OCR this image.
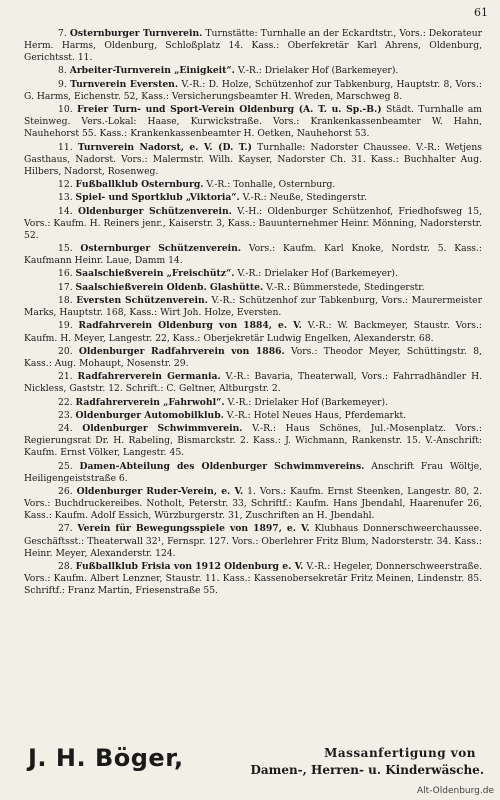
61

7. Osternburger Turnverein. Turnstätte: Turnhalle an der Eckardtstr., Vors.: Dekorateur Herm. Harms, Oldenburg, Schloßplatz 14. Kass.: Oberfekretär Karl Ahrens, Oldenburg, Gerichtsst. 11.

8. Arbeiter-Turnverein „Einigkeit“. V.-R.: Drielaker Hof (Barkemeyer).

9. Turnverein Eversten. V.-R.: D. Holze, Schützenhof zur Tabkenburg, Hauptstr. 8, Vors.: G. Harms, Eichenstr. 52, Kass.: Versicherungsbeamter H. Wreden, Marschweg 8.

10. Freier Turn- und Sport-Verein Oldenburg (A. T. u. Sp.-B.) Städt. Turnhalle am Steinweg. Vers.-Lokal: Haase, Kurwickstraße. Vors.: Krankenkassenbeamter W. Hahn, Nauhehorst 55. Kass.: Krankenkassenbeamter H. Oetken, Nauhehorst 53.

11. Turnverein Nadorst, e. V. (D. T.) Turnhalle: Nadorster Chaussee. V.-R.: Wetjens Gasthaus, Nadorst. Vors.: Malermstr. Wilh. Kayser, Nadorster Ch. 31. Kass.: Buchhalter Aug. Hilbers, Nadorst, Rosenweg.

12. Fußballklub Osternburg. V.-R.: Tonhalle, Osternburg.

13. Spiel- und Sportklub „Viktoria“. V.-R.: Neuße, Stedingerstr.

14. Oldenburger Schützenverein. V.-H.: Oldenburger Schützenhof, Friedhofsweg 15, Vors.: Kaufm. H. Reiners jenr., Kaiserstr. 3, Kass.: Bauunternehmer Heinr. Mönning, Nadorsterstr. 52.

15. Osternburger Schützenverein. Vors.: Kaufm. Karl Knoke, Nordstr. 5. Kass.: Kaufmann Heinr. Laue, Damm 14.

16. Saalschießverein „Freischütz“. V.-R.: Drielaker Hof (Barkemeyer).

17. Saalschießverein Oldenb. Glashütte. V.-R.: Bümmerstede, Stedingerstr.

18. Eversten Schützenverein. V.-R.: Schützenhof zur Tabkenburg, Vors.: Maurermeister Marks, Hauptstr. 168, Kass.: Wirt Joh. Holze, Eversten.

19. Radfahrverein Oldenburg von 1884, e. V. V.-R.: W. Backmeyer, Staustr. Vors.: Kaufm. H. Meyer, Langestr. 22, Kass.: Oberjekretär Ludwig Engelken, Alexanderstr. 68.

20. Oldenburger Radfahrverein von 1886. Vors.: Theodor Meyer, Schüttingstr. 8, Kass.: Aug. Mohaupt, Nosenstr. 29.

21. Radfahrerverein Germania. V.-R.: Bavaria, Theaterwall, Vors.: Fahrradhändler H. Nickless, Gaststr. 12. Schrift.: C. Geltner, Altburgstr. 2.

22. Radfahrerverein „Fahrwohl“. V.-R.: Drielaker Hof (Barkemeyer).

23. Oldenburger Automobilklub. V.-R.: Hotel Neues Haus, Pferdemarkt.

24. Oldenburger Schwimmverein. V.-R.: Haus Schönes, Jul.-Mosenplatz. Vors.: Regierungsrat Dr. H. Rabeling, Bismarckstr. 2. Kass.: J. Wichmann, Rankenstr. 15. V.-Anschrift: Kaufm. Ernst Völker, Langestr. 45.

25. Damen-Abteilung des Oldenburger Schwimmvereins. Anschrift Frau Wöltje, Heiligengeiststraße 6.

26. Oldenburger Ruder-Verein, e. V. 1. Vors.: Kaufm. Ernst Steenken, Langestr. 80, 2. Vors.: Buchdruckereibes. Notholt, Peterstr. 33, Schriftf.: Kaufm. Hans Jbendahl, Haarenufer 26, Kass.: Kaufm. Adolf Essich, Würzburgerstr. 31, Zuschriften an H. Jbendahl.

27. Verein für Bewegungsspiele von 1897, e. V. Klubhaus Donnerschweerchaussee. Geschäftsst.: Theaterwall 32¹, Fernspr. 127. Vors.: Oberlehrer Fritz Blum, Nadorsterstr. 34. Kass.: Heinr. Meyer, Alexanderstr. 124.

28. Fußballklub Frisia von 1912 Oldenburg e. V. V.-R.: Hegeler, Donnerschweerstraße. Vors.: Kaufm. Albert Lenzner, Staustr. 11. Kass.: Kassenobersekretär Fritz Meinen, Lindenstr. 85. Schriftf.: Franz Martin, Friesenstraße 55.

J. H. Böger,	Massanfertigung von
Damen-, Herren- u. Kinderwäsche.
Alt-Oldenburg.de
